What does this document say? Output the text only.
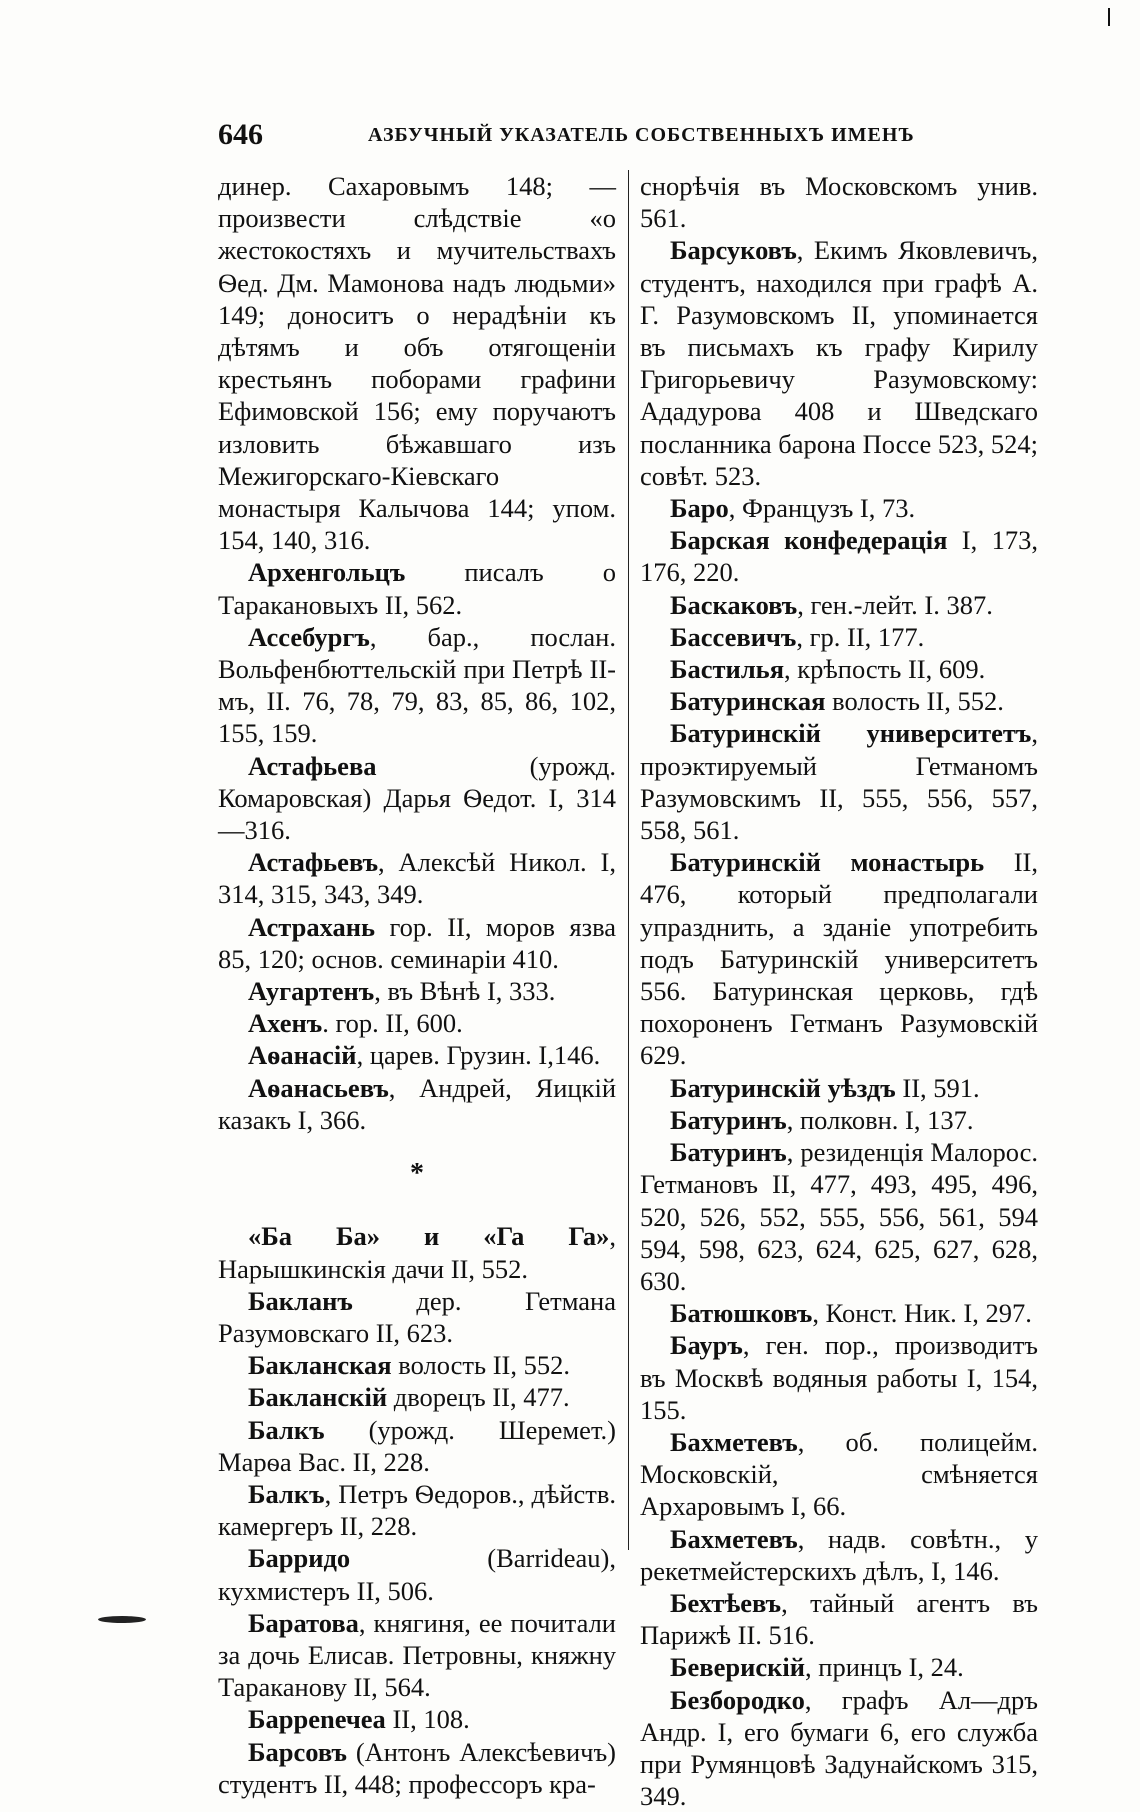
646	АЗБУЧНЫЙ УКАЗАТЕЛЬ СОБСТВЕННЫХЪ ИМЕНЪ

динер. Сахаровымъ 148; — произвести слѣдствіе «о жестокостяхъ и мучительствахъ Ѳед. Дм. Мамонова надъ людьми» 149; доноситъ о нерадѣніи къ дѣтямъ и объ отягощеніи крестьянъ поборами графини Ефимовской 156; ему поручаютъ изловить бѣжавшаго изъ Межигорскаго-Кіевскаго монастыря Калычова 144; упом. 154, 140, 316.

Архенгольцъ писалъ о Таракановыхъ II, 562.

Ассебургъ, бар., послан. Вольфенбюттельскій при Петрѣ II-мъ, II. 76, 78, 79, 83, 85, 86, 102, 155, 159.

Астафьева (урожд. Комаровская) Дарья Ѳедот. I, 314—316.

Астафьевъ, Алексѣй Никол. I, 314, 315, 343, 349.

Астрахань гор. II, моров язва 85, 120; основ. семинаріи 410.

Аугартенъ, въ Вѣнѣ I, 333.

Ахенъ. гор. II, 600.

Аѳанасій, царев. Грузин. I,146.

Аѳанасьевъ, Андрей, Яицкій казакъ I, 366.

*

«Ба Ба» и «Га Га», Нарышкинскія дачи II, 552.

Бакланъ дер. Гетмана Разумовскаго II, 623.

Бакланская волость II, 552.

Бакланскій дворецъ II, 477.

Балкъ (урожд. Шеремет.) Марѳа Вас. II, 228.

Балкъ, Петръ Ѳедоров., дѣйств. камергеръ II, 228.

Барридо (Barrideau), кухмистеръ II, 506.

Баратова, княгиня, ее почитали за дочь Елисав. Петровны, княжну Тараканову II, 564.

Барреnечеа II, 108.

Барсовъ (Антонъ Алексѣевичъ) студентъ II, 448; профессоръ кра-

снорѣчія въ Московскомъ унив. 561.

Барсуковъ, Екимъ Яковлевичъ, студентъ, находился при графѣ А. Г. Разумовскомъ II, упоминается въ письмахъ къ графу Кирилу Григорьевичу Разумовскому: Ададурова 408 и Шведскаго посланника барона Поссе 523, 524; совѣт. 523.

Баро, Французъ I, 73.

Барская конфедерація I, 173, 176, 220.

Баскаковъ, ген.-лейт. I. 387.

Бассевичъ, гр. II, 177.

Бастилья, крѣпость II, 609.

Батуринская волость II, 552.

Батуринскій университетъ, проэктируемый Гетманомъ Разумовскимъ II, 555, 556, 557, 558, 561.

Батуринскій монастырь II, 476, который предполагали упразднить, а зданіе употребить подъ Батуринскій университетъ 556. Батуринская церковь, гдѣ похороненъ Гетманъ Разумовскій 629.

Батуринскій уѣздъ II, 591.

Батуринъ, полковн. I, 137.

Батуринъ, резиденція Малорос. Гетмановъ II, 477, 493, 495, 496, 520, 526, 552, 555, 556, 561, 594 594, 598, 623, 624, 625, 627, 628, 630.

Батюшковъ, Конст. Ник. I, 297.

Бауръ, ген. пор., производитъ въ Москвѣ водяныя работы I, 154, 155.

Бахметевъ, об. полицейм. Московскій, смѣняется Архаровымъ I, 66.

Бахметевъ, надв. совѣтн., у рекетмейстерскихъ дѣлъ, I, 146.

Бехтѣевъ, тайный агентъ въ Парижѣ II. 516.

Беверискій, принцъ I, 24.

Безбородко, графъ Ал—дръ Андр. I, его бумаги 6, его служба при Румянцовѣ Задунайскомъ 315, 349.
